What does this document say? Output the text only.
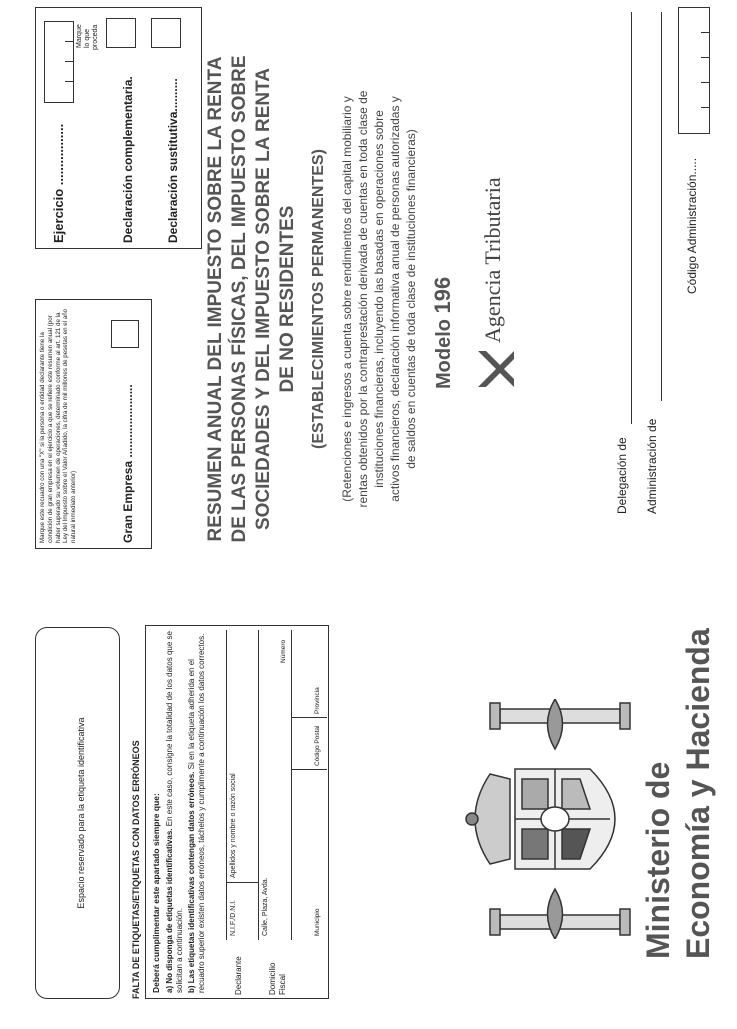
Espacio reservado para la etiqueta identificativa	FALTA DE ETIQUETAS/ETIQUETAS CON DATOS ERRÓNEOS Deberá cumplimentar este apartado siempre que: a) No disponga de etiquetas identificativas. En este caso, consigne la totalidad de los datos que se solicitan a continuación. b) Las etiquetas identificativas contengan datos erróneos. Si en la etiqueta adherida en el recuadro superior existen datos erróneos, táchelos y cumplimente a continuación los datos correctos.	Declarante
N.I.F./D.N.I.
Apellidos y nombre o razón social
Domicilio Fiscal
Calle, Plaza, Avda.
Número
Municipio
Código Postal
Provincia
Ministerio de Economía y Hacienda
Marque este recuadro con una "X" si la persona o entidad declarante tiene la condición de gran empresa en el ejercicio a que se refiere este resumen anual (por haber superado su volumen de operaciones, determinado conforme al art. 121 de la Ley del Impuesto sobre el Valor Añadido, la cifra de mil millones de pesetas en el año natural inmediato anterior)	Gran Empresa ......................
Ejercicio .................
Marque lo que proceda
Declaración complementaria.	Declaración sustitutiva.......... RESUMEN ANUAL DEL IMPUESTO SOBRE LA RENTA DE LAS PERSONAS FÍSICAS, DEL IMPUESTO SOBRE SOCIEDADES Y DEL IMPUESTO SOBRE LA RENTA DE NO RESIDENTES (ESTABLECIMIENTOS PERMANENTES) (Retenciones e ingresos a cuenta sobre rendimientos del capital mobiliario y rentas obtenidos por la contraprestación derivada de cuentas en toda clase de instituciones financieras, incluyendo las basadas en operaciones sobre activos financieros, declaración informativa anual de personas autorizadas y de saldos en cuentas de toda clase de instituciones financieras) Modelo 196 Agencia Tributaria
Delegación de Administración de
Código Administración.....
